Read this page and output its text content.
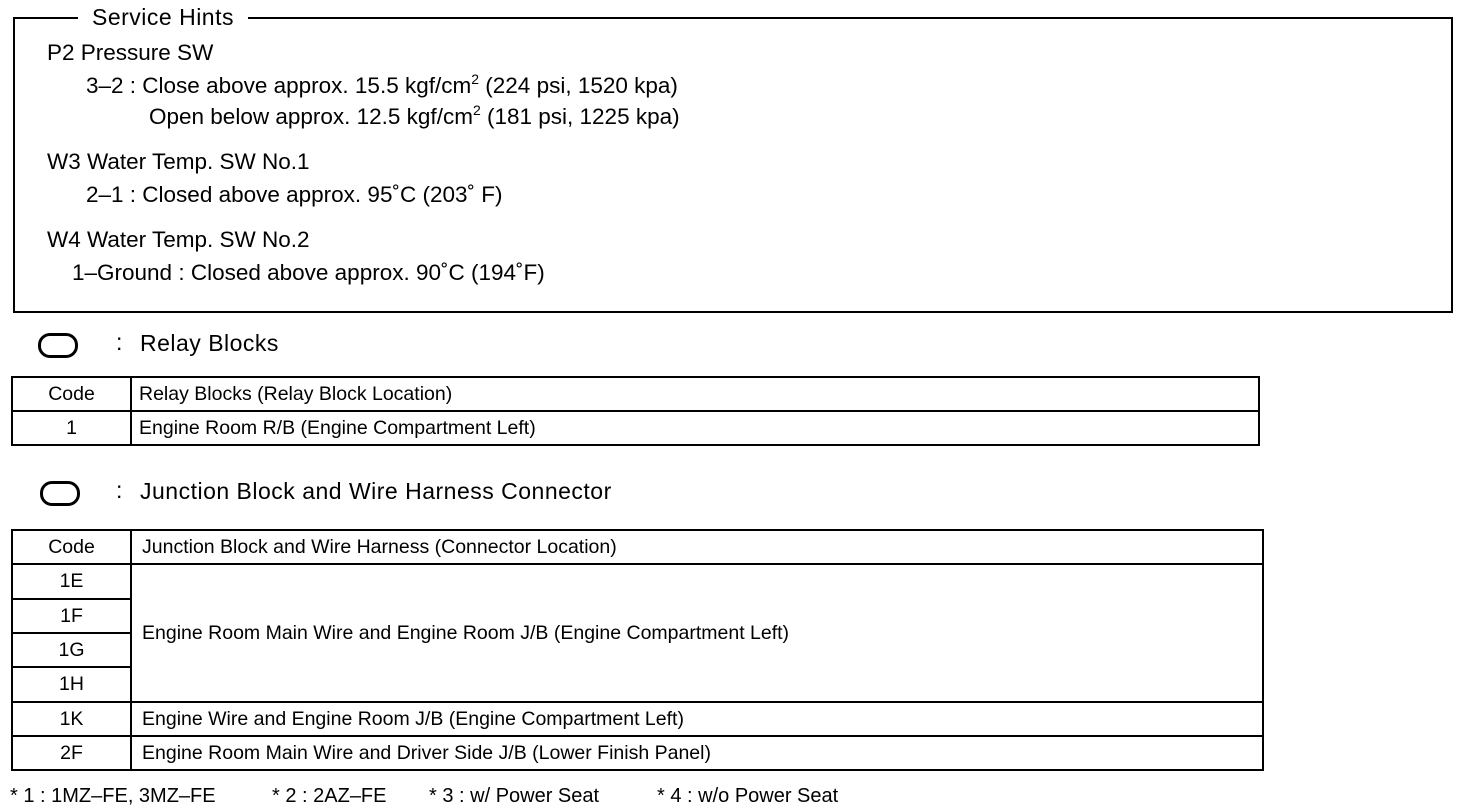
Service Hints
P2 Pressure SW
3–2 : Close above approx. 15.5 kgf/$cm^2$ (224 psi, 1520 kpa)
Open below approx. 12.5 kgf/$cm^2$ (181 psi, 1225 kpa)
W3 Water Temp. SW No.1
2–1 : Closed above approx. 95˚C (203˚ F)
W4 Water Temp. SW No.2
1–Ground : Closed above approx. 90˚C (194˚F)
: Relay Blocks
Code	Relay Blocks (Relay Block Location)
1	Engine Room R/B (Engine Compartment Left)
: Junction Block and Wire Harness Connector
Code	Junction Block and Wire Harness (Connector Location)
1E	Engine Room Main Wire and Engine Room J/B (Engine Compartment Left)
1F	
1G	
1H	
1K	Engine Wire and Engine Room J/B (Engine Compartment Left)
2F	Engine Room Main Wire and Driver Side J/B (Lower Finish Panel)
* 1 : 1MZ–FE, 3MZ–FE	* 2 : 2AZ–FE * 3 : w/ Power Seat	* 4 : w/o Power Seat
